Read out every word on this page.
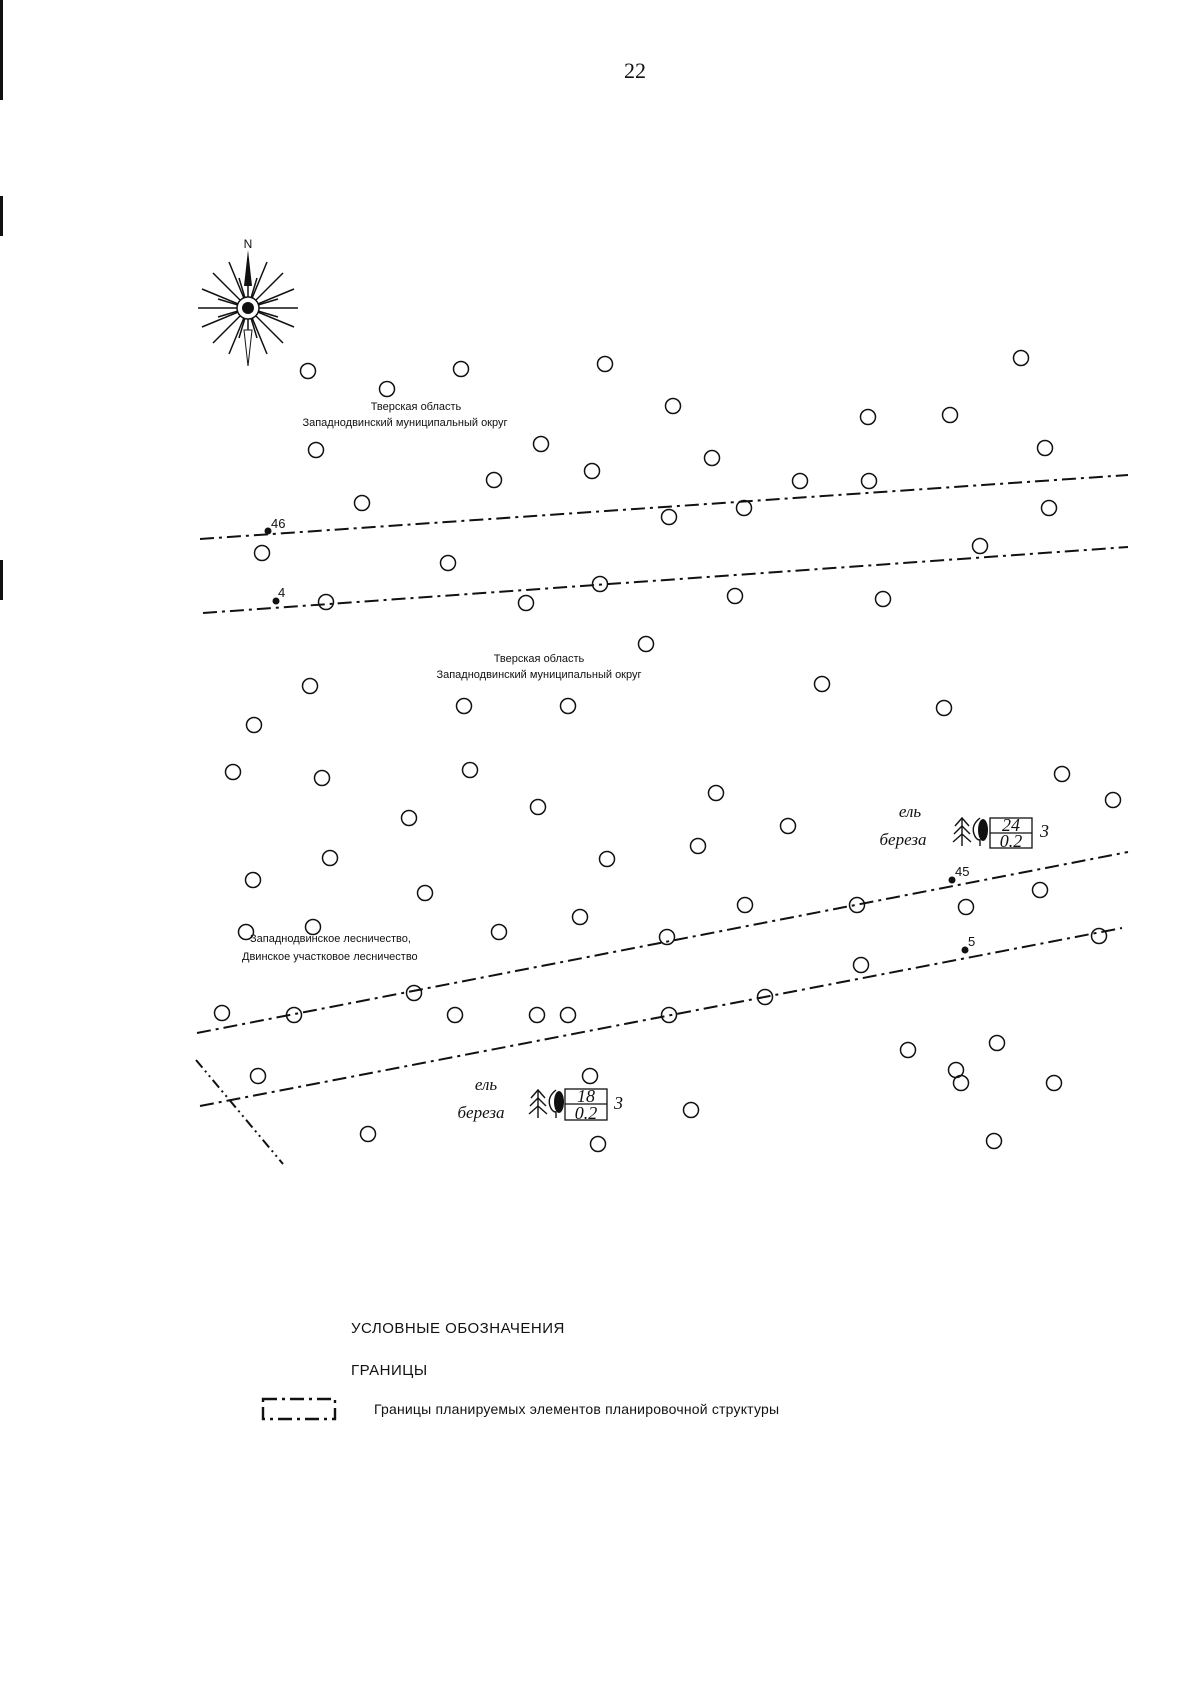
22
N
46
4
45
5
Тверская область
Западнодвинский муниципальный округ
Тверская область
Западнодвинский муниципальный округ
Западнодвинское лесничество,
Двинское участковое лесничество
ель
береза
24
0.2 3
ель
береза
18
0.2 3
УСЛОВНЫЕ ОБОЗНАЧЕНИЯ
ГРАНИЦЫ
Границы планируемых элементов планировочной структуры
